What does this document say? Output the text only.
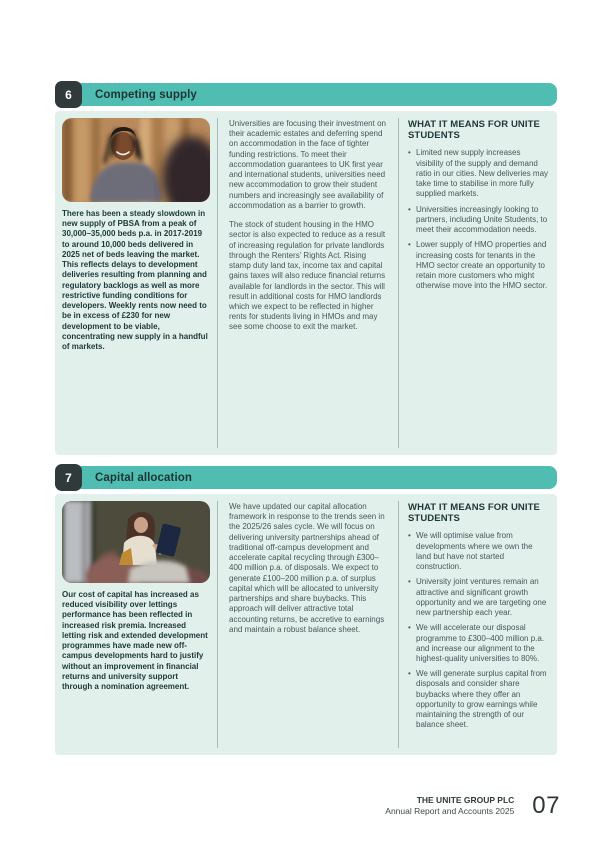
6	Competing supply
There has been a steady slowdown in new supply of PBSA from a peak of 30,000–35,000 beds p.a. in 2017-2019 to around 10,000 beds delivered in 2025 net of beds leaving the market. This reflects delays to development deliveries resulting from planning and regulatory backlogs as well as more restrictive funding conditions for developers. Weekly rents now need to be in excess of £230 for new development to be viable, concentrating new supply in a handful of markets.

Universities are focusing their investment on their academic estates and deferring spend on accommodation in the face of tighter funding restrictions. To meet their accommodation guarantees to UK first year and international students, universities need new accommodation to grow their student numbers and increasingly see availability of accommodation as a barrier to growth.

The stock of student housing in the HMO sector is also expected to reduce as a result of increasing regulation for private landlords through the Renters’ Rights Act. Rising stamp duty land tax, income tax and capital gains taxes will also reduce financial returns available for landlords in the sector. This will result in additional costs for HMO landlords which we expect to be reflected in higher rents for students living in HMOs and may see some choose to exit the market.

WHAT IT MEANS FOR UNITE STUDENTS
• Limited new supply increases visibility of the supply and demand ratio in our cities. New deliveries may take time to stabilise in more fully supplied markets.
• Universities increasingly looking to partners, including Unite Students, to meet their accommodation needs.
• Lower supply of HMO properties and increasing costs for tenants in the HMO sector create an opportunity to retain more customers who might otherwise move into the HMO sector.
7	Capital allocation
Our cost of capital has increased as reduced visibility over lettings performance has been reflected in increased risk premia. Increased letting risk and extended development programmes have made new off-campus developments hard to justify without an improvement in financial returns and university support through a nomination agreement.

We have updated our capital allocation framework in response to the trends seen in the 2025/26 sales cycle. We will focus on delivering university partnerships ahead of traditional off-campus development and accelerate capital recycling through £300–400 million p.a. of disposals. We expect to generate £100–200 million p.a. of surplus capital which will be allocated to university partnerships and share buybacks. This approach will deliver attractive total accounting returns, be accretive to earnings and maintain a robust balance sheet.

WHAT IT MEANS FOR UNITE STUDENTS
• We will optimise value from developments where we own the land but have not started construction.
• University joint ventures remain an attractive and significant growth opportunity and we are targeting one new partnership each year.
• We will accelerate our disposal programme to £300–400 million p.a. and increase our alignment to the highest-quality universities to 80%.
• We will generate surplus capital from disposals and consider share buybacks where they offer an opportunity to grow earnings while maintaining the strength of our balance sheet.
THE UNITE GROUP PLC
Annual Report and Accounts 2025 07
